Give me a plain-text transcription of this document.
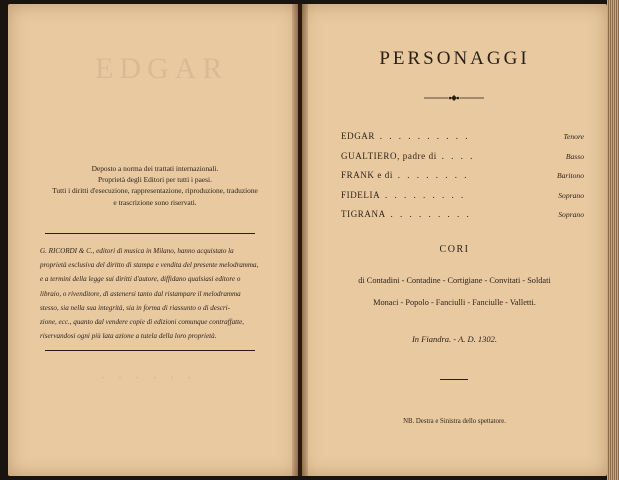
EDGAR
Deposto a norma dei trattati internazionali.
Proprietà degli Editori per tutti i paesi.
Tutti i diritti d'esecuzione, rappresentazione, riproduzione, traduzione
e trascrizione sono riservati.

G. RICORDI & C., editori di musica in Milano, hanno acquistato la

proprietà esclusiva del diritto di stampa e vendita del presente melodramma,

e a termini della legge sui diritti d'autore, diffidano qualsiasi editore o

libraio, o rivenditore, di astenersi tanto dal ristampare il melodramma

stesso, sia nella sua integrità, sia in forma di riassunto o di descri-

zione, ecc., quanto dal vendere copie di edizioni comunque contraffatte,

riservandosi ogni più lata azione a tutela della loro proprietà.

· · · · · ·
PERSONAGGI
EDGAR . . . . . . . . . .	Tenore
GUALTIERO, padre di . . . .	Basso
FRANK e di . . . . . . . .	Baritono
FIDELIA . . . . . . . . .	Soprano
TIGRANA . . . . . . . . .	Soprano
CORI
di Contadini - Contadine - Cortigiane - Convitati - Soldati
Monaci - Popolo - Fanciulli - Fanciulle - Valletti.
In Fiandra. - A. D. 1302.
NB. Destra e Sinistra dello spettatore.
